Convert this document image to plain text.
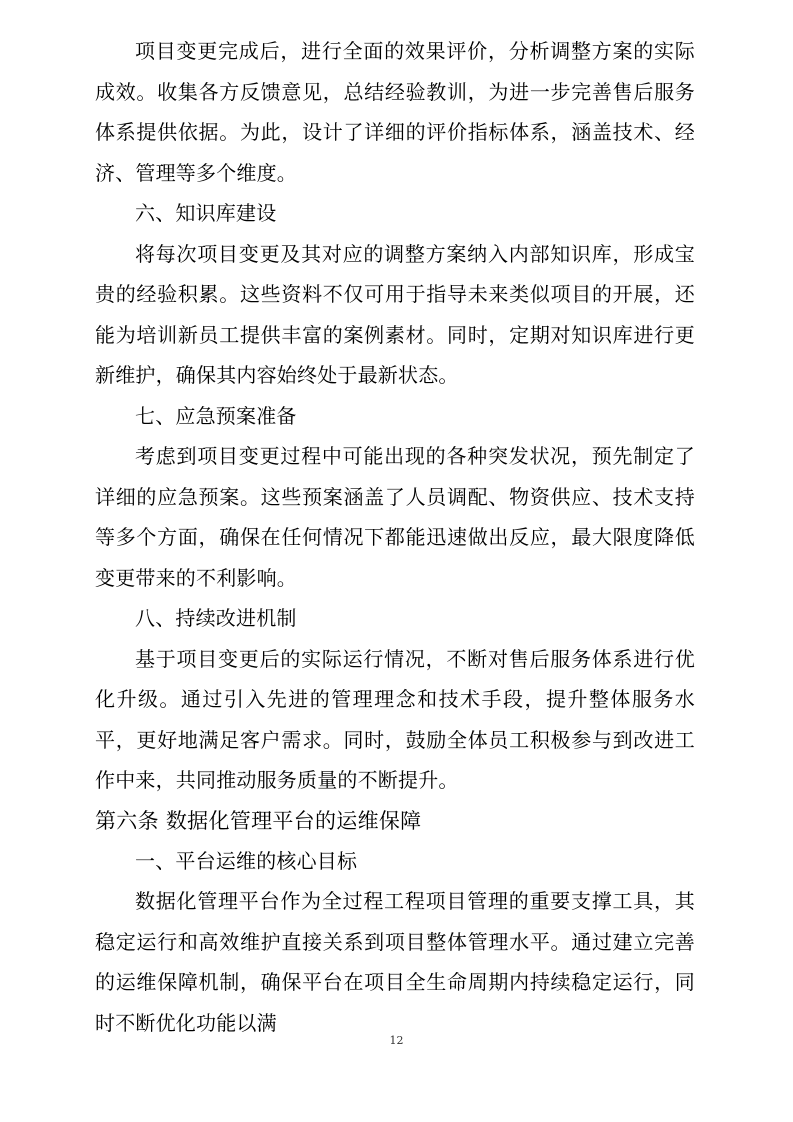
项目变更完成后，进行全面的效果评价，分析调整方案的实际成效。收集各方反馈意见，总结经验教训，为进一步完善售后服务体系提供依据。为此，设计了详细的评价指标体系，涵盖技术、经济、管理等多个维度。

六、知识库建设

将每次项目变更及其对应的调整方案纳入内部知识库，形成宝贵的经验积累。这些资料不仅可用于指导未来类似项目的开展，还能为培训新员工提供丰富的案例素材。同时，定期对知识库进行更新维护，确保其内容始终处于最新状态。

七、应急预案准备

考虑到项目变更过程中可能出现的各种突发状况，预先制定了详细的应急预案。这些预案涵盖了人员调配、物资供应、技术支持等多个方面，确保在任何情况下都能迅速做出反应，最大限度降低变更带来的不利影响。

八、持续改进机制

基于项目变更后的实际运行情况，不断对售后服务体系进行优化升级。通过引入先进的管理理念和技术手段，提升整体服务水平，更好地满足客户需求。同时，鼓励全体员工积极参与到改进工作中来，共同推动服务质量的不断提升。

第六条 数据化管理平台的运维保障

一、平台运维的核心目标

数据化管理平台作为全过程工程项目管理的重要支撑工具，其稳定运行和高效维护直接关系到项目整体管理水平。通过建立完善的运维保障机制，确保平台在项目全生命周期内持续稳定运行，同时不断优化功能以满

12
